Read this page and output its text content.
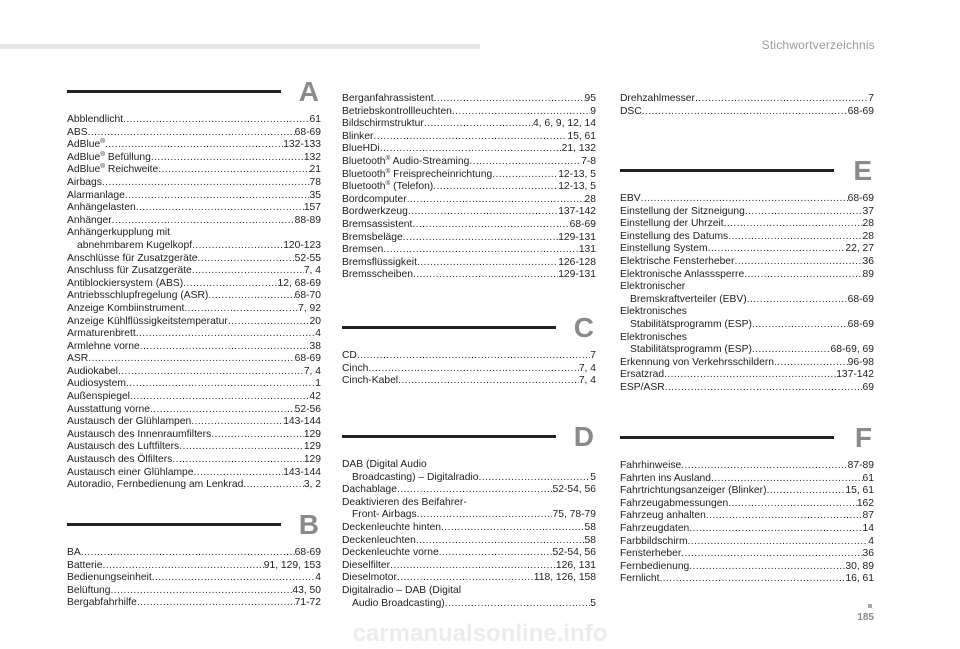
Stichwortverzeichnis
A
Abblendlicht .....	61
ABS .....	68-69
AdBlue® .....	132-133
AdBlue® Befüllung .....	132
AdBlue® Reichweite .....	21
Airbags .....	78
Alarmanlage .....	35
Anhängelasten .....	157
Anhänger .....	88-89
Anhängerkupplung mit
abnehmbarem Kugelkopf .....	120-123
Anschlüsse für Zusatzgeräte .....	52-55
Anschluss für Zusatzgeräte .....	7, 4
Antiblockiersystem (ABS) .....	12, 68-69
Antriebsschlupfregelung (ASR) .....	68-70
Anzeige Kombiinstrument .....	7, 92
Anzeige Kühlflüssigkeitstemperatur .....	20
Armaturenbrett .....	4
Armlehne vorne .....	38
ASR .....	68-69
Audiokabel .....	7, 4
Audiosystem .....	1
Außenspiegel .....	42
Ausstattung vorne .....	52-56
Austausch der Glühlampen .....	143-144
Austausch des Innenraumfilters .....	129
Austausch des Luftfilters .....	129
Austausch des Ölfilters .....	129
Austausch einer Glühlampe .....	143-144
Autoradio, Fernbedienung am Lenkrad .....	3, 2
B
BA .....	68-69
Batterie .....	91, 129, 153
Bedienungseinheit .....	4
Belüftung .....	43, 50
Bergabfahrhilfe .....	71-72
Berganfahrassistent .....	95
Betriebskontrollleuchten .....	9
Bildschirmstruktur .....	4, 6, 9, 12, 14
Blinker .....	15, 61
BlueHDi .....	21, 132
Bluetooth® Audio-Streaming .....	7-8
Bluetooth® Freisprecheinrichtung .....	12-13, 5
Bluetooth® (Telefon) .....	12-13, 5
Bordcomputer .....	28
Bordwerkzeug .....	137-142
Bremsassistent .....	68-69
Bremsbeläge .....	129-131
Bremsen .....	131
Bremsflüssigkeit .....	126-128
Bremsscheiben .....	129-131
C
CD .....	7
Cinch .....	7, 4
Cinch-Kabel .....	7, 4
D
DAB (Digital Audio
Broadcasting) – Digitalradio .....	5
Dachablage .....	52-54, 56
Deaktivieren des Beifahrer-
Front- Airbags .....	75, 78-79
Deckenleuchte hinten .....	58
Deckenleuchten .....	58
Deckenleuchte vorne .....	52-54, 56
Dieselfilter .....	126, 131
Dieselmotor .....	118, 126, 158
Digitalradio – DAB (Digital
Audio Broadcasting) .....	5
Drehzahlmesser .....	7
DSC .....	68-69
E
EBV .....	68-69
Einstellung der Sitzneigung .....	37
Einstellung der Uhrzeit .....	28
Einstellung des Datums .....	28
Einstellung System .....	22, 27
Elektrische Fensterheber .....	36
Elektronische Anlasssperre .....	89
Elektronischer
Bremskraftverteiler (EBV) .....	68-69
Elektronisches
Stabilitätsprogramm (ESP) .....	68-69
Elektronisches
Stabilitätsprogramm (ESP) .....	68-69, 69
Erkennung von Verkehrsschildern .....	96-98
Ersatzrad .....	137-142
ESP/ASR .....	69
F
Fahrhinweise .....	87-89
Fahrten ins Ausland .....	61
Fahrtrichtungsanzeiger (Blinker) .....	15, 61
Fahrzeugabmessungen .....	162
Fahrzeug anhalten .....	87
Fahrzeugdaten .....	14
Farbbildschirm .....	4
Fensterheber .....	36
Fernbedienung .....	30, 89
Fernlicht .....	16, 61
185
carmanualsonline.info
